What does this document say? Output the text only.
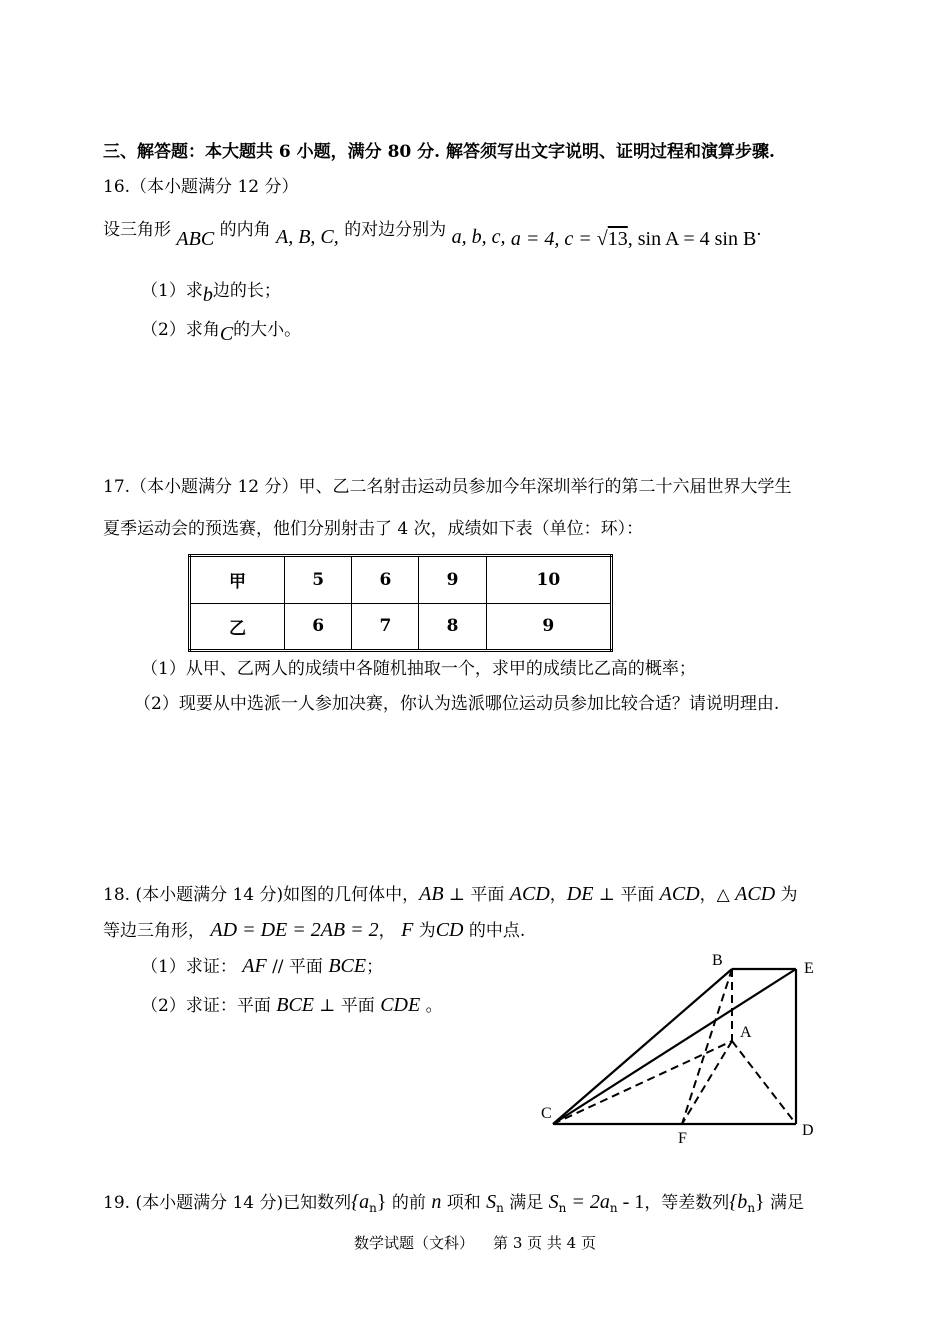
三、解答题：本大题共 6 小题，满分 80 分. 解答须写出文字说明、证明过程和演算步骤.
16.（本小题满分 12 分）
设三角形 ABC 的内角 A, B, C, 的对边分别为 a, b, c, a = 4, c = √13, sin A = 4 sin B.
（1）求b边的长；
（2）求角C的大小。
17.（本小题满分 12 分）甲、乙二名射击运动员参加今年深圳举行的第二十六届世界大学生
夏季运动会的预选赛，他们分别射击了 4 次，成绩如下表（单位：环）：
甲	5	6	9	10
乙	6	7	8	9
（1）从甲、乙两人的成绩中各随机抽取一个，求甲的成绩比乙高的概率；
（2）现要从中选派一人参加决赛，你认为选派哪位运动员参加比较合适？请说明理由.
18. (本小题满分 14 分)如图的几何体中，AB ⊥ 平面 ACD，DE ⊥ 平面 ACD，△ ACD 为
等边三角形， AD = DE = 2AB = 2， F 为CD 的中点.
（1）求证： AF // 平面 BCE；
（2）求证：平面 BCE ⊥ 平面 CDE 。
B	E
A
C
F	D
19. (本小题满分 14 分)已知数列$\{a_n\}$ 的前 n 项和 $S_n$ 满足 $S_n = 2a_n - 1$，等差数列$\{b_n\}$ 满足
数学试题（文科）    第 3 页 共 4 页
